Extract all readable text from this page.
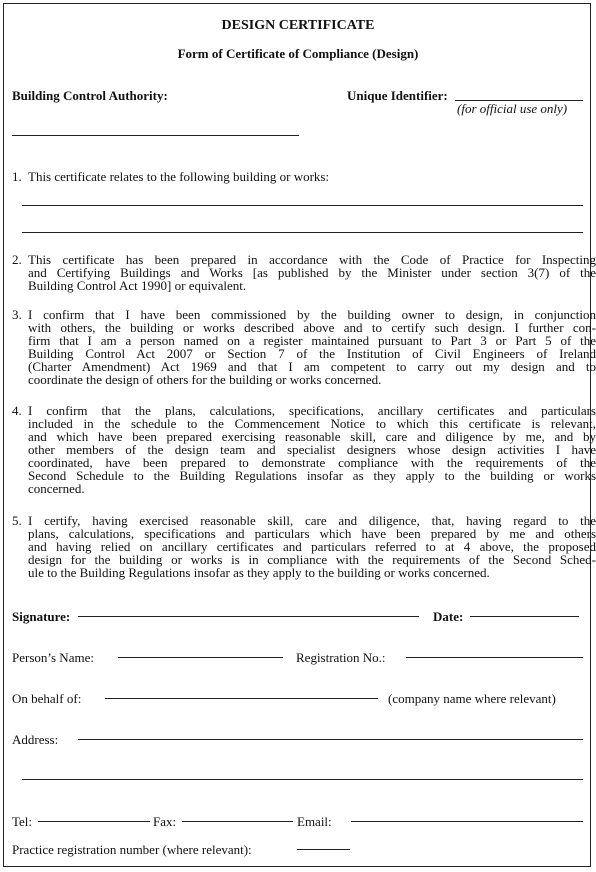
DESIGN CERTIFICATE
Form of Certificate of Compliance (Design)
Building Control Authority:	Unique Identifier:
(for official use only)
1. This certificate relates to the following building or works:
2. This certificate has been prepared in accordance with the Code of Practice for Inspecting
and Certifying Buildings and Works [as published by the Minister under section 3(7) of the
Building Control Act 1990] or equivalent.
3. I confirm that I have been commissioned by the building owner to design, in conjunction
with others, the building or works described above and to certify such design. I further con-
firm that I am a person named on a register maintained pursuant to Part 3 or Part 5 of the
Building Control Act 2007 or Section 7 of the Institution of Civil Engineers of Ireland
(Charter Amendment) Act 1969 and that I am competent to carry out my design and to
coordinate the design of others for the building or works concerned.
4. I confirm that the plans, calculations, specifications, ancillary certificates and particulars
included in the schedule to the Commencement Notice to which this certificate is relevant,
and which have been prepared exercising reasonable skill, care and diligence by me, and by
other members of the design team and specialist designers whose design activities I have
coordinated, have been prepared to demonstrate compliance with the requirements of the
Second Schedule to the Building Regulations insofar as they apply to the building or works
concerned.
5. I certify, having exercised reasonable skill, care and diligence, that, having regard to the
plans, calculations, specifications and particulars which have been prepared by me and others
and having relied on ancillary certificates and particulars referred to at 4 above, the proposed
design for the building or works is in compliance with the requirements of the Second Sched-
ule to the Building Regulations insofar as they apply to the building or works concerned.
Signature:	Date:
Person’s Name:	Registration No.:
On behalf of:	(company name where relevant)
Address:
Tel:	Fax:	Email:
Practice registration number (where relevant):
